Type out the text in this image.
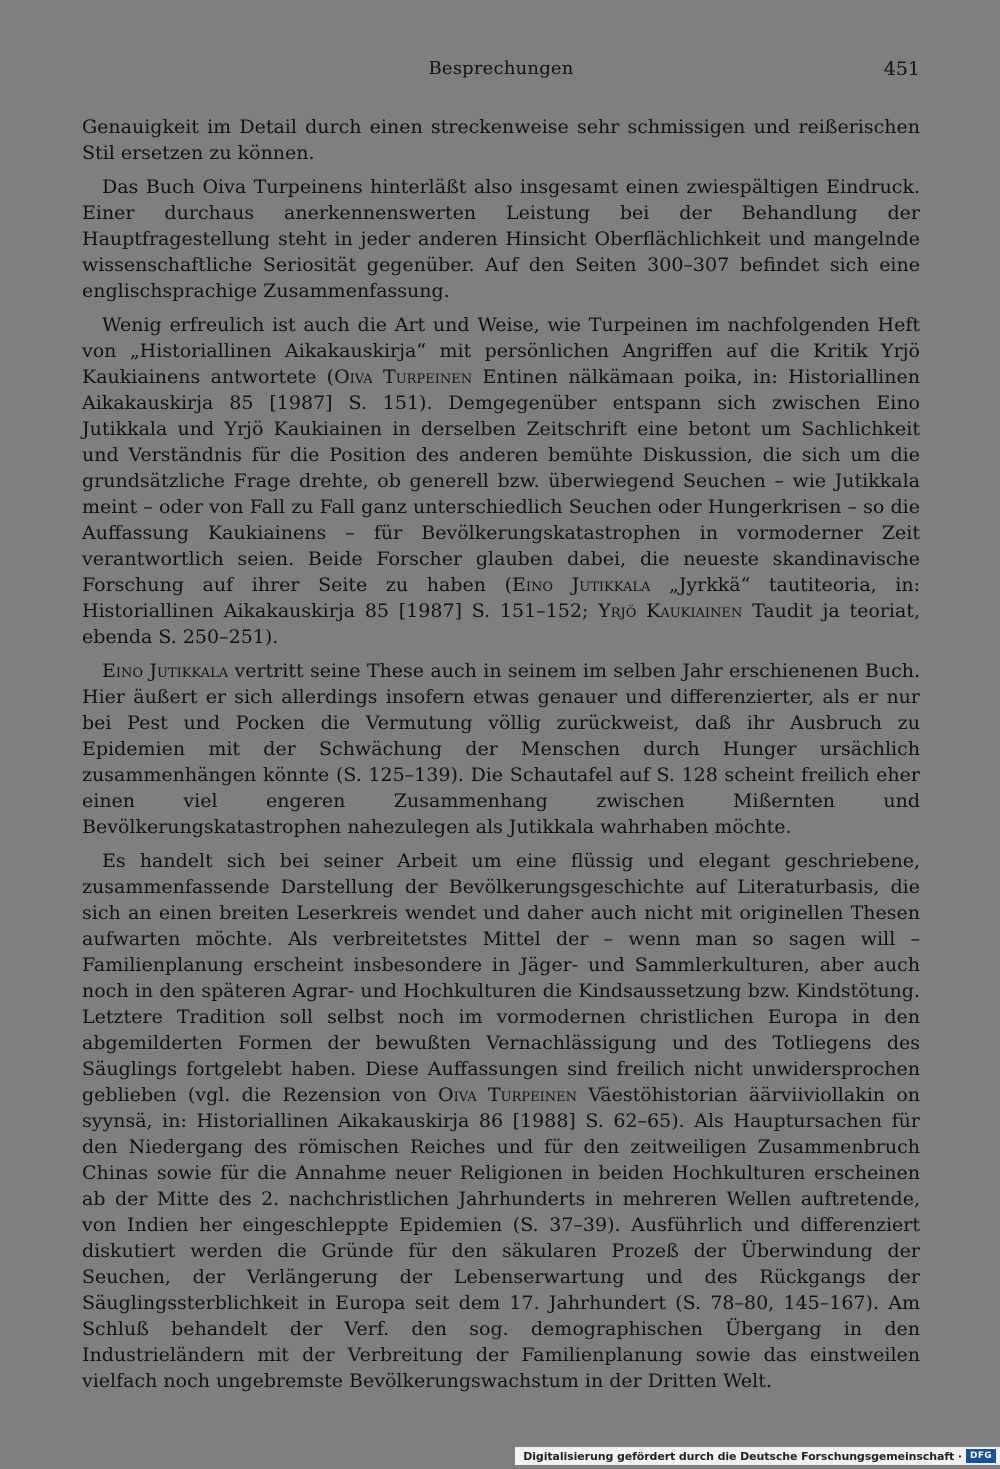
Besprechungen	451

Genauigkeit im Detail durch einen streckenweise sehr schmissigen und reißerischen Stil ersetzen zu können.

Das Buch Oiva Turpeinens hinterläßt also insgesamt einen zwiespältigen Eindruck. Einer durchaus anerkennenswerten Leistung bei der Behandlung der Hauptfragestellung steht in jeder anderen Hinsicht Oberflächlichkeit und mangelnde wissenschaftliche Seriosität gegenüber. Auf den Seiten 300–307 befindet sich eine englischsprachige Zusammenfassung.

Wenig erfreulich ist auch die Art und Weise, wie Turpeinen im nachfolgenden Heft von „Historiallinen Aikakauskirja“ mit persönlichen Angriffen auf die Kritik Yrjö Kaukiainens antwortete (Oiva Turpeinen Entinen nälkämaan poika, in: Historiallinen Aikakauskirja 85 [1987] S. 151). Demgegenüber entspann sich zwischen Eino Jutikkala und Yrjö Kaukiainen in derselben Zeitschrift eine betont um Sachlichkeit und Verständnis für die Position des anderen bemühte Diskussion, die sich um die grundsätzliche Frage drehte, ob generell bzw. überwiegend Seuchen – wie Jutikkala meint – oder von Fall zu Fall ganz unterschiedlich Seuchen oder Hungerkrisen – so die Auffassung Kaukiainens – für Bevölkerungskatastrophen in vormoderner Zeit verantwortlich seien. Beide Forscher glauben dabei, die neueste skandinavische Forschung auf ihrer Seite zu haben (Eino Jutikkala „Jyrkkä“ tautiteoria, in: Historiallinen Aikakauskirja 85 [1987] S. 151–152; Yrjö Kaukiainen Taudit ja teoriat, ebenda S. 250–251).

Eino Jutikkala vertritt seine These auch in seinem im selben Jahr erschienenen Buch. Hier äußert er sich allerdings insofern etwas genauer und differenzierter, als er nur bei Pest und Pocken die Vermutung völlig zurückweist, daß ihr Ausbruch zu Epidemien mit der Schwächung der Menschen durch Hunger ursächlich zusammenhängen könnte (S. 125–139). Die Schautafel auf S. 128 scheint freilich eher einen viel engeren Zusammenhang zwischen Mißernten und Bevölkerungskatastrophen nahezulegen als Jutikkala wahrhaben möchte.

Es handelt sich bei seiner Arbeit um eine flüssig und elegant geschriebene, zusammenfassende Darstellung der Bevölkerungsgeschichte auf Literaturbasis, die sich an einen breiten Leserkreis wendet und daher auch nicht mit originellen Thesen aufwarten möchte. Als verbreitetstes Mittel der – wenn man so sagen will – Familienplanung erscheint insbesondere in Jäger- und Sammlerkulturen, aber auch noch in den späteren Agrar- und Hochkulturen die Kindsaussetzung bzw. Kindstötung. Letztere Tradition soll selbst noch im vormodernen christlichen Europa in den abgemilderten Formen der bewußten Vernachlässigung und des Totliegens des Säuglings fortgelebt haben. Diese Auffassungen sind freilich nicht unwidersprochen geblieben (vgl. die Rezension von Oiva Turpeinen Väestöhistorian äärviiviollakin on syynsä, in: Historiallinen Aikakauskirja 86 [1988] S. 62–65). Als Hauptursachen für den Niedergang des römischen Reiches und für den zeitweiligen Zusammenbruch Chinas sowie für die Annahme neuer Religionen in beiden Hochkulturen erscheinen ab der Mitte des 2. nachchristlichen Jahrhunderts in mehreren Wellen auftretende, von Indien her eingeschleppte Epidemien (S. 37–39). Ausführlich und differenziert diskutiert werden die Gründe für den säkularen Prozeß der Überwindung der Seuchen, der Verlängerung der Lebenserwartung und des Rückgangs der Säuglingssterblichkeit in Europa seit dem 17. Jahrhundert (S. 78–80, 145–167). Am Schluß behandelt der Verf. den sog. demographischen Übergang in den Industrieländern mit der Verbreitung der Familienplanung sowie das einstweilen vielfach noch ungebremste Bevölkerungswachstum in der Dritten Welt.

Digitalisierung gefördert durch die Deutsche Forschungsgemeinschaft · DFG
